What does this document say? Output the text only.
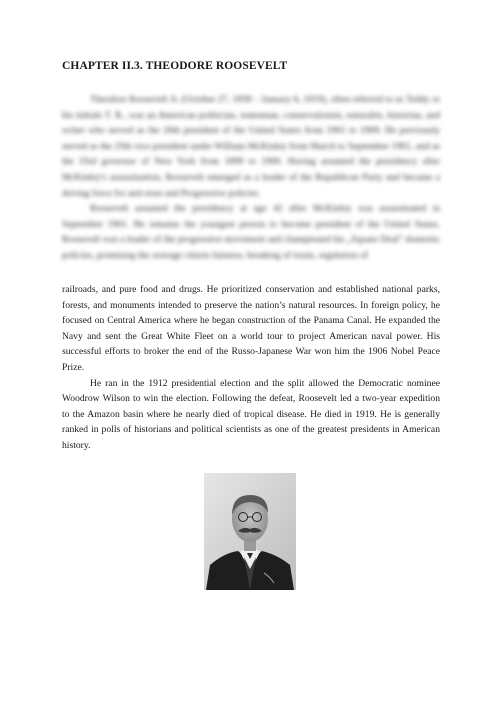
CHAPTER II.3. THEODORE ROOSEVELT

Theodore Roosevelt Jr. (October 27, 1858 – January 6, 1919), often referred to as Teddy or his initials T. R., was an American politician, statesman, conservationist, naturalist, historian, and writer who served as the 26th president of the United States from 1901 to 1909. He previously served as the 25th vice president under William McKinley from March to September 1901, and as the 33rd governor of New York from 1899 to 1900. Having assumed the presidency after McKinley's assassination, Roosevelt emerged as a leader of the Republican Party and became a driving force for anti-trust and Progressive policies.

Roosevelt assumed the presidency at age 42 after McKinley was assassinated in September 1901. He remains the youngest person to become president of the United States. Roosevelt was a leader of the progressive movement and championed his „Square Deal” domestic policies, promising the average citizen fairness, breaking of trusts, regulation of

railroads, and pure food and drugs. He prioritized conservation and established national parks, forests, and monuments intended to preserve the nation’s natural resources. In foreign policy, he focused on Central America where he began construction of the Panama Canal. He expanded the Navy and sent the Great White Fleet on a world tour to project American naval power. His successful efforts to broker the end of the Russo-Japanese War won him the 1906 Nobel Peace Prize.

He ran in the 1912 presidential election and the split allowed the Democratic nominee Woodrow Wilson to win the election. Following the defeat, Roosevelt led a two-year expedition to the Amazon basin where he nearly died of tropical disease. He died in 1919. He is generally ranked in polls of historians and political scientists as one of the greatest presidents in American history.
